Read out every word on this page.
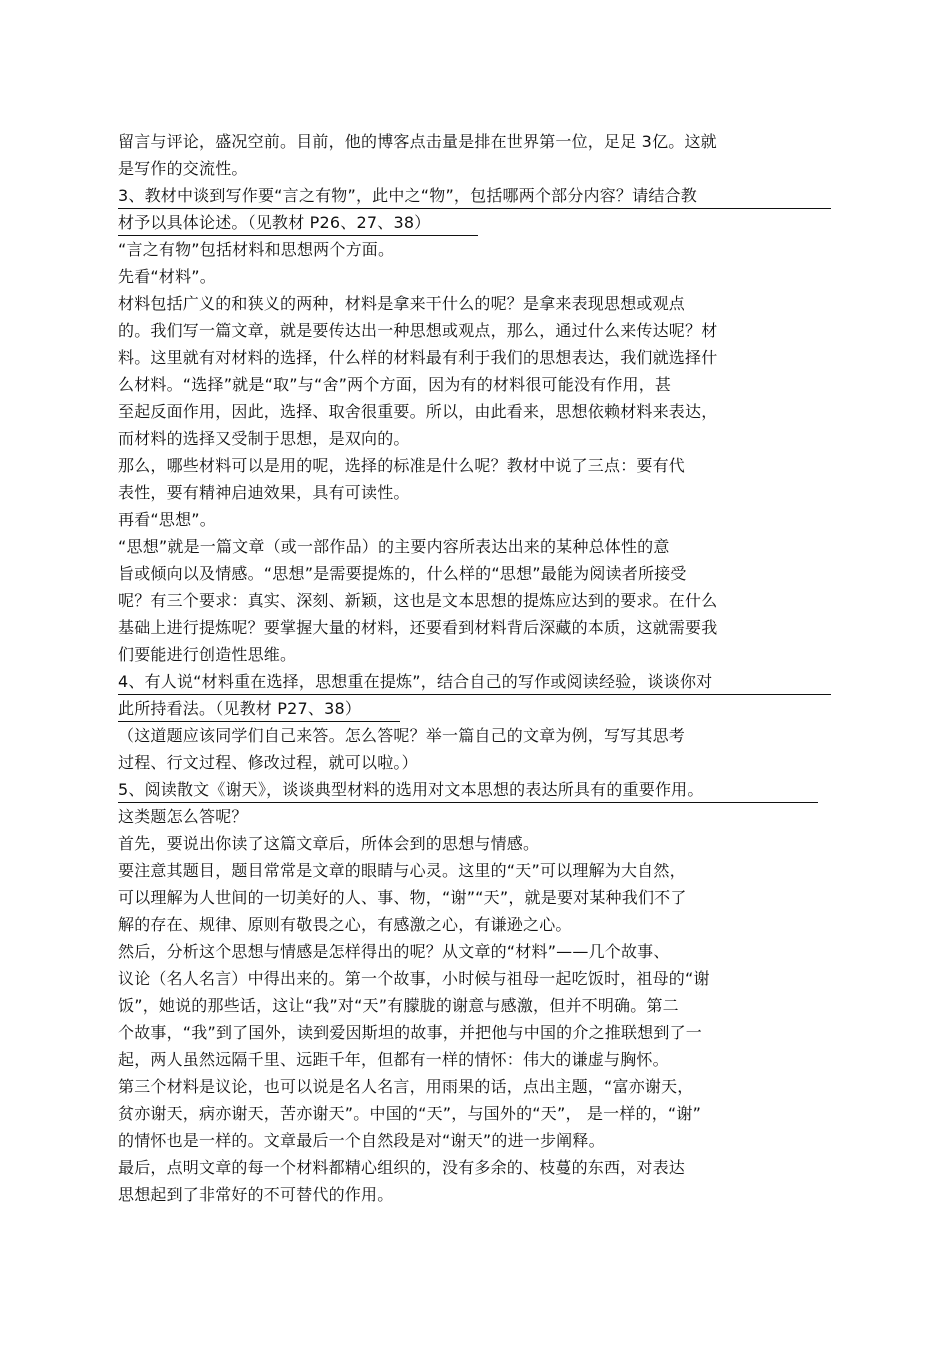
留言与评论，盛况空前。目前，他的博客点击量是排在世界第一位，足足 3亿。这就
是写作的交流性。
3、教材中谈到写作要“言之有物”，此中之“物”，包括哪两个部分内容？请结合教
材予以具体论述。（见教材 P26、27、38）
“言之有物”包括材料和思想两个方面。
先看“材料”。
材料包括广义的和狭义的两种，材料是拿来干什么的呢？是拿来表现思想或观点
的。我们写一篇文章，就是要传达出一种思想或观点，那么，通过什么来传达呢？材
料。这里就有对材料的选择，什么样的材料最有利于我们的思想表达，我们就选择什
么材料。“选择”就是“取”与“舍”两个方面，因为有的材料很可能没有作用，甚
至起反面作用，因此，选择、取舍很重要。所以，由此看来，思想依赖材料来表达，
而材料的选择又受制于思想，是双向的。
那么，哪些材料可以是用的呢，选择的标准是什么呢？教材中说了三点：要有代
表性，要有精神启迪效果，具有可读性。
再看“思想”。
“思想”就是一篇文章（或一部作品）的主要内容所表达出来的某种总体性的意
旨或倾向以及情感。“思想”是需要提炼的，什么样的“思想”最能为阅读者所接受
呢？有三个要求：真实、深刻、新颖，这也是文本思想的提炼应达到的要求。在什么
基础上进行提炼呢？要掌握大量的材料，还要看到材料背后深藏的本质，这就需要我
们要能进行创造性思维。
4、有人说“材料重在选择，思想重在提炼”，结合自己的写作或阅读经验，谈谈你对
此所持看法。（见教材 P27、38）
（这道题应该同学们自己来答。怎么答呢？举一篇自己的文章为例，写写其思考
过程、行文过程、修改过程，就可以啦。）
5、阅读散文《谢天》，谈谈典型材料的选用对文本思想的表达所具有的重要作用。
这类题怎么答呢？
首先，要说出你读了这篇文章后，所体会到的思想与情感。
要注意其题目，题目常常是文章的眼睛与心灵。这里的“天”可以理解为大自然，
可以理解为人世间的一切美好的人、事、物，“谢”“天”，就是要对某种我们不了
解的存在、规律、原则有敬畏之心，有感激之心，有谦逊之心。
然后，分析这个思想与情感是怎样得出的呢？从文章的“材料”——几个故事、
议论（名人名言）中得出来的。第一个故事，小时候与祖母一起吃饭时，祖母的“谢
饭”，她说的那些话，这让“我”对“天”有朦胧的谢意与感激，但并不明确。第二
个故事，“我”到了国外，读到爱因斯坦的故事，并把他与中国的介之推联想到了一
起，两人虽然远隔千里、远距千年，但都有一样的情怀：伟大的谦虚与胸怀。
第三个材料是议论，也可以说是名人名言，用雨果的话，点出主题，“富亦谢天，
贫亦谢天，病亦谢天，苦亦谢天”。中国的“天”，与国外的“天”， 是一样的，“谢”
的情怀也是一样的。文章最后一个自然段是对“谢天”的进一步阐释。
最后，点明文章的每一个材料都精心组织的，没有多余的、枝蔓的东西，对表达
思想起到了非常好的不可替代的作用。
